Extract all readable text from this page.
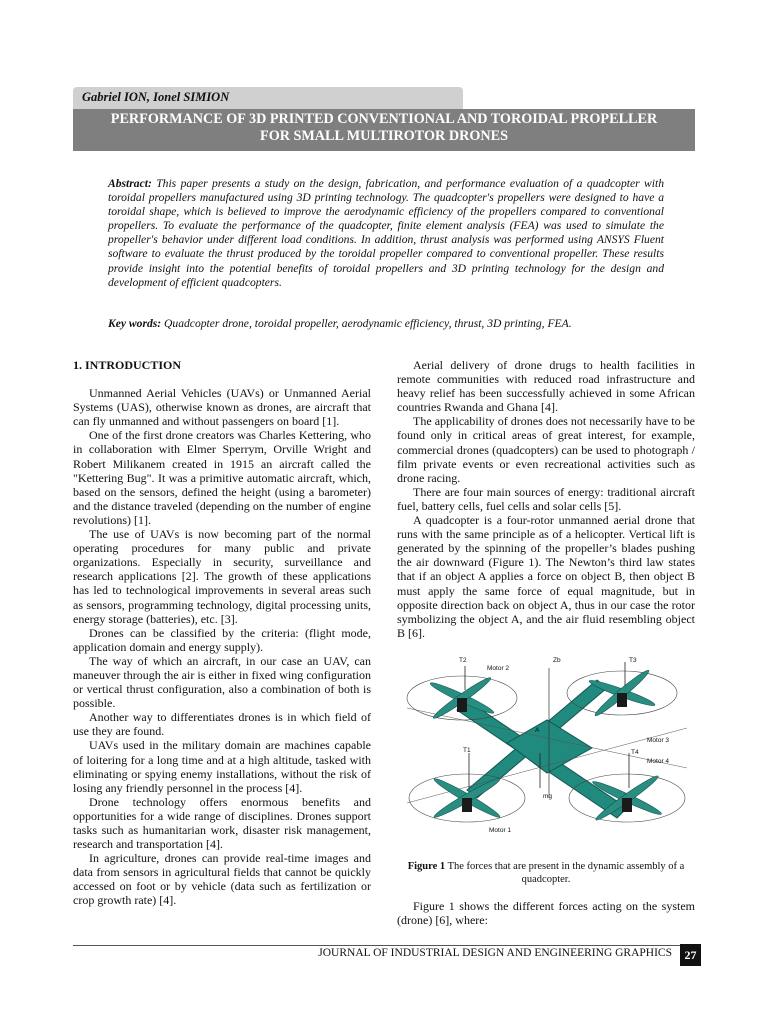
Gabriel ION, Ionel SIMION
PERFORMANCE OF 3D PRINTED CONVENTIONAL AND TOROIDAL PROPELLER
FOR SMALL MULTIROTOR DRONES
Abstract: This paper presents a study on the design, fabrication, and performance evaluation of a quadcopter with toroidal propellers manufactured using 3D printing technology. The quadcopter's propellers were designed to have a toroidal shape, which is believed to improve the aerodynamic efficiency of the propellers compared to conventional propellers. To evaluate the performance of the quadcopter, finite element analysis (FEA) was used to simulate the propeller's behavior under different load conditions. In addition, thrust analysis was performed using ANSYS Fluent software to evaluate the thrust produced by the toroidal propeller compared to conventional propeller. These results provide insight into the potential benefits of toroidal propellers and 3D printing technology for the design and development of efficient quadcopters.
Key words: Quadcopter drone, toroidal propeller, aerodynamic efficiency, thrust, 3D printing, FEA.
1. INTRODUCTION

Unmanned Aerial Vehicles (UAVs) or Unmanned Aerial Systems (UAS), otherwise known as drones, are aircraft that can fly unmanned and without passengers on board [1].

One of the first drone creators was Charles Kettering, who in collaboration with Elmer Sperrym, Orville Wright and Robert Milikanem created in 1915 an aircraft called the "Kettering Bug". It was a primitive automatic aircraft, which, based on the sensors, defined the height (using a barometer) and the distance traveled (depending on the number of engine revolutions) [1].

The use of UAVs is now becoming part of the normal operating procedures for many public and private organizations. Especially in security, surveillance and research applications [2]. The growth of these applications has led to technological improvements in several areas such as sensors, programming technology, digital processing units, energy storage (batteries), etc. [3].

Drones can be classified by the criteria: (flight mode, application domain and energy supply).

The way of which an aircraft, in our case an UAV, can maneuver through the air is either in fixed wing configuration or vertical thrust configuration, also a combination of both is possible.

Another way to differentiates drones is in which field of use they are found.

UAVs used in the military domain are machines capable of loitering for a long time and at a high altitude, tasked with eliminating or spying enemy installations, without the risk of losing any friendly personnel in the process [4].

Drone technology offers enormous benefits and opportunities for a wide range of disciplines. Drones support tasks such as humanitarian work, disaster risk management, research and transportation [4].

In agriculture, drones can provide real-time images and data from sensors in agricultural fields that cannot be quickly accessed on foot or by vehicle (data such as fertilization or crop growth rate) [4].

Aerial delivery of drone drugs to health facilities in remote communities with reduced road infrastructure and heavy relief has been successfully achieved in some African countries Rwanda and Ghana [4].

The applicability of drones does not necessarily have to be found only in critical areas of great interest, for example, commercial drones (quadcopters) can be used to photograph / film private events or even recreational activities such as drone racing.

There are four main sources of energy: traditional aircraft fuel, battery cells, fuel cells and solar cells [5].

A quadcopter is a four-rotor unmanned aerial drone that runs with the same principle as of a helicopter. Vertical lift is generated by the spinning of the propeller’s blades pushing the air downward (Figure 1). The Newton’s third law states that if an object A applies a force on object B, then object B must apply the same force of equal magnitude, but in opposite direction back on object A, thus in our case the rotor symbolizing the object A, and the air fluid resembling object B [6].

T2	T3
T1	T4
Motor 2
Motor 3
Motor 4
Motor 1
Zb
A
mg
Figure 1 The forces that are present in the dynamic assembly of a quadcopter.

Figure 1 shows the different forces acting on the system (drone) [6], where:

JOURNAL OF INDUSTRIAL DESIGN AND ENGINEERING GRAPHICS	27
